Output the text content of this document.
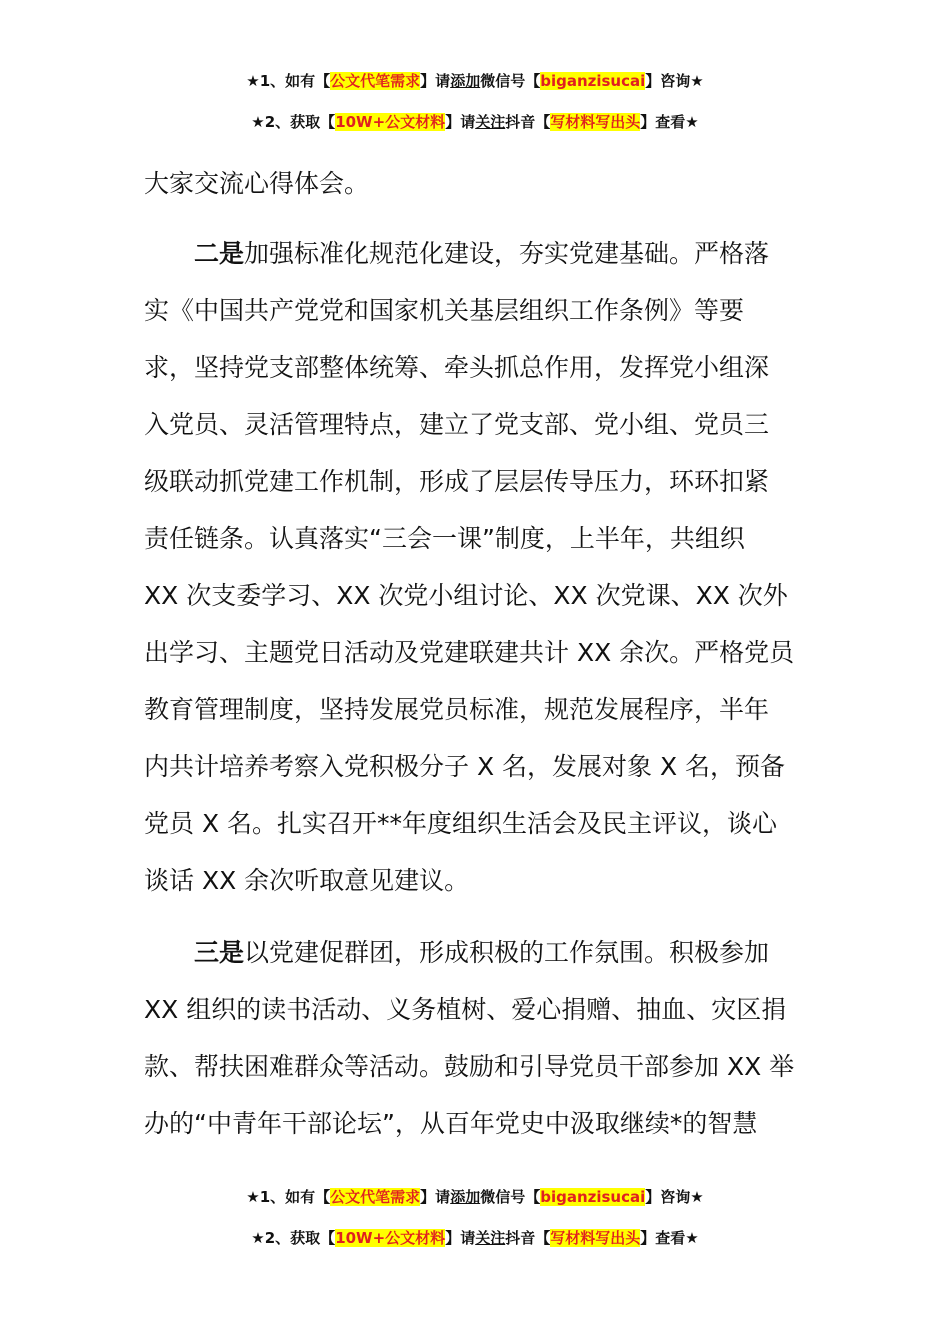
★1、如有【公文代笔需求】请添加微信号【biganzisucai】咨询★
★2、获取【10W+公文材料】请关注抖音【写材料写出头】查看★
大家交流心得体会。
二是加强标准化规范化建设，夯实党建基础。严格落
实《中国共产党党和国家机关基层组织工作条例》等要
求，坚持党支部整体统筹、牵头抓总作用，发挥党小组深
入党员、灵活管理特点，建立了党支部、党小组、党员三
级联动抓党建工作机制，形成了层层传导压力，环环扣紧
责任链条。认真落实“三会一课”制度，上半年，共组织
XX 次支委学习、XX 次党小组讨论、XX 次党课、XX 次外
出学习、主题党日活动及党建联建共计 XX 余次。严格党员
教育管理制度，坚持发展党员标准，规范发展程序，半年
内共计培养考察入党积极分子 X 名，发展对象 X 名，预备
党员 X 名。扎实召开**年度组织生活会及民主评议，谈心
谈话 XX 余次听取意见建议。
三是以党建促群团，形成积极的工作氛围。积极参加
XX 组织的读书活动、义务植树、爱心捐赠、抽血、灾区捐
款、帮扶困难群众等活动。鼓励和引导党员干部参加 XX 举
办的“中青年干部论坛”，从百年党史中汲取继续*的智慧
★1、如有【公文代笔需求】请添加微信号【biganzisucai】咨询★
★2、获取【10W+公文材料】请关注抖音【写材料写出头】查看★
